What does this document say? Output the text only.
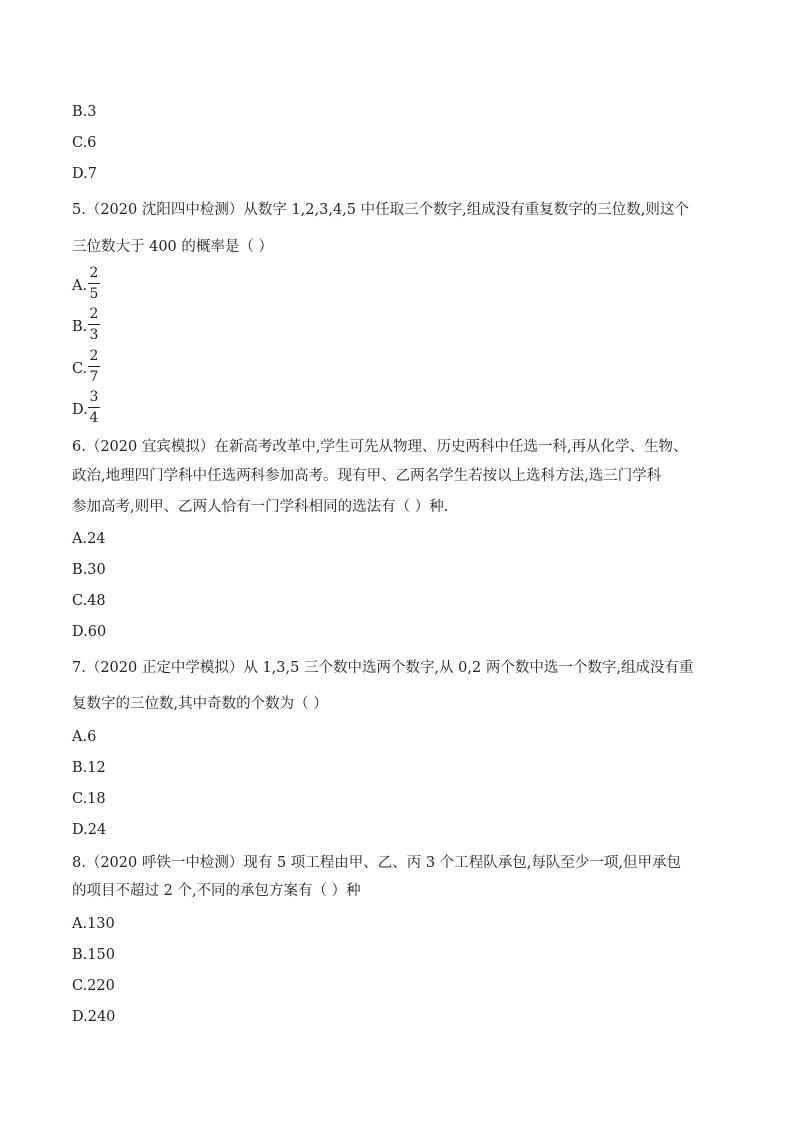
B.3
C.6
D.7
5.（2020 沈阳四中检测）从数字 1,2,3,4,5 中任取三个数字,组成没有重复数字的三位数,则这个
三位数大于 400 的概率是（ ）
A.
2
5
B.
2
3
C.
2
7
D.
3
4
6.（2020 宜宾模拟）在新高考改革中,学生可先从物理、历史两科中任选一科,再从化学、生物、
政治,地理四门学科中任选两科参加高考。现有甲、乙两名学生若按以上选科方法,选三门学科
参加高考,则甲、乙两人恰有一门学科相同的选法有（ ）种.
A.24
B.30
C.48
D.60
7.（2020 正定中学模拟）从 1,3,5 三个数中选两个数字,从 0,2 两个数中选一个数字,组成没有重
复数字的三位数,其中奇数的个数为（ ）
A.6
B.12
C.18
D.24
8.（2020 呼铁一中检测）现有 5 项工程由甲、乙、丙 3 个工程队承包,每队至少一项,但甲承包
的项目不超过 2 个,不同的承包方案有（ ）种
A.130
B.150
C.220
D.240
